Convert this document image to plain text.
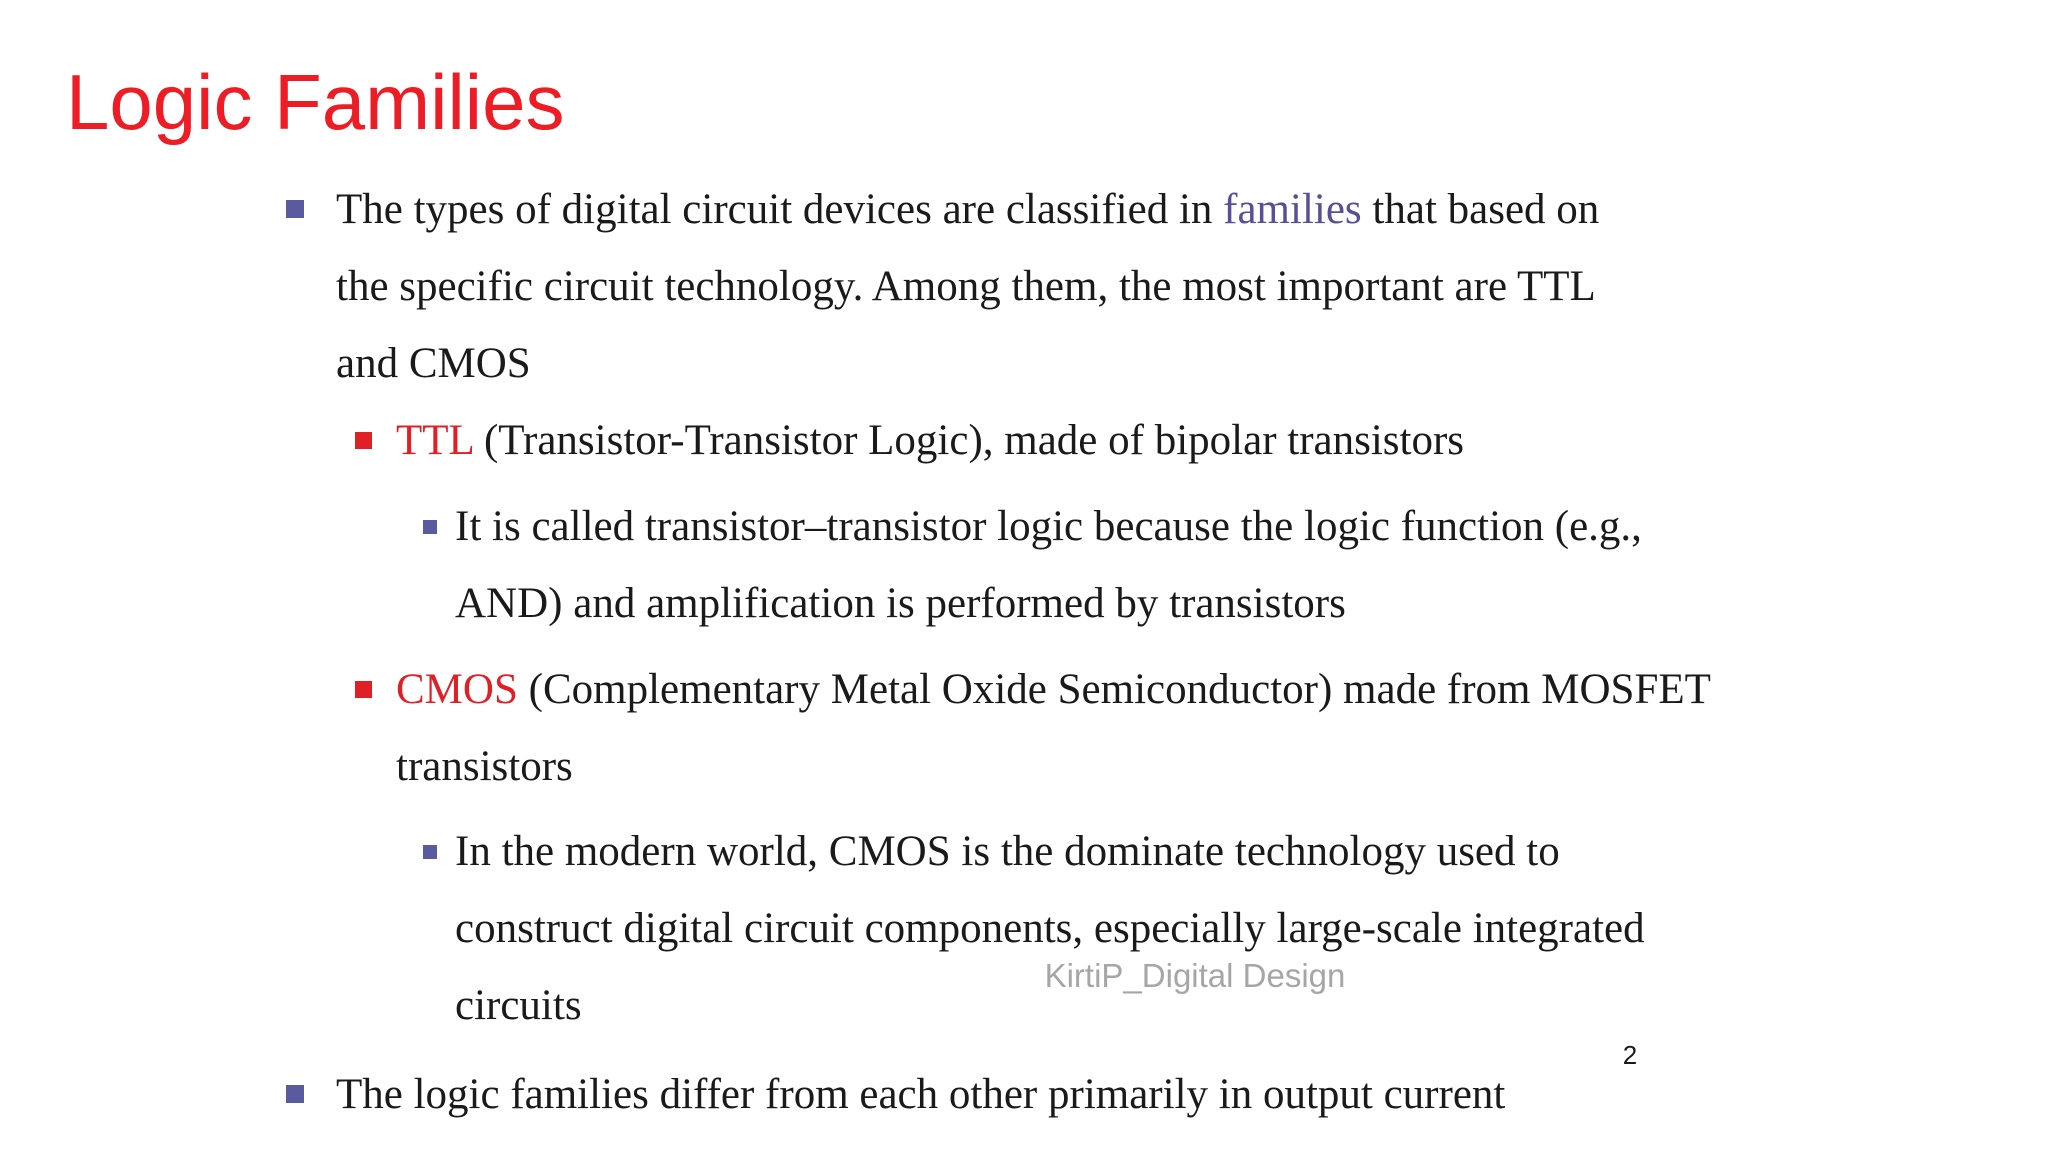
Logic Families
The types of digital circuit devices are classified in families that based on
the specific circuit technology. Among them, the most important are TTL
and CMOS
TTL (Transistor-Transistor Logic), made of bipolar transistors
It is called transistor–transistor logic because the logic function (e.g.,
AND) and amplification is performed by transistors
CMOS (Complementary Metal Oxide Semiconductor) made from MOSFET
transistors
In the modern world, CMOS is the dominate technology used to
construct digital circuit components, especially large-scale integrated
circuits
The logic families differ from each other primarily in output current
KirtiP_Digital Design
2
